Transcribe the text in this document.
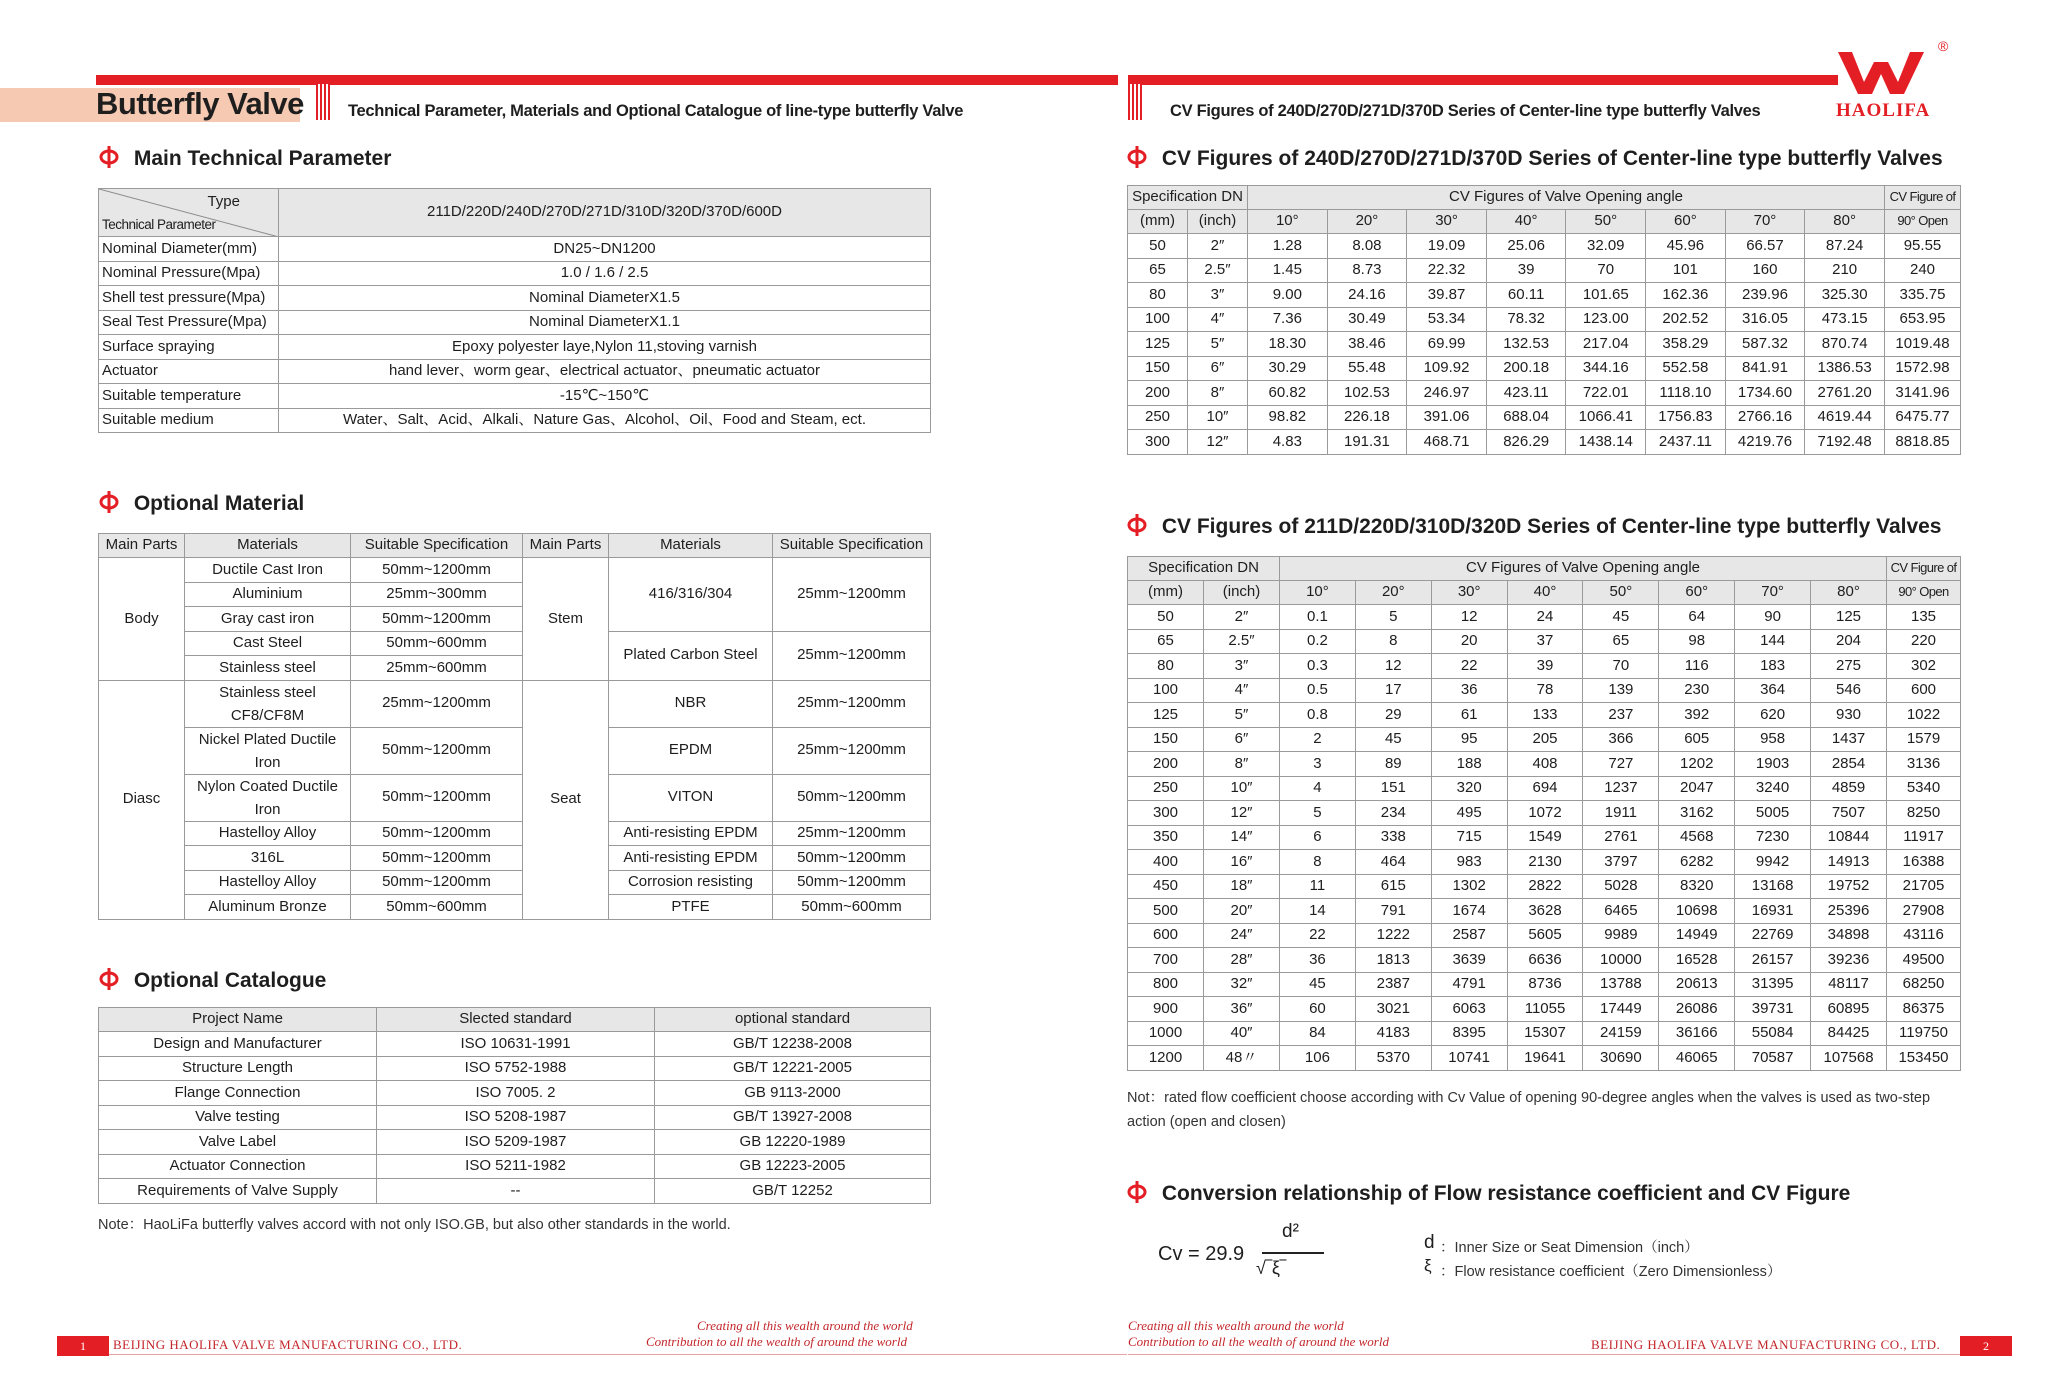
Butterfly Valve	Technical Parameter, Materials and Optional Catalogue of line-type butterfly Valve	CV Figures of 240D/270D/271D/370D Series of Center-line type butterfly Valves
®
HAOLIFA
Main Technical Parameter
Type
Technical Parameter	211D/220D/240D/270D/271D/310D/320D/370D/600D
Nominal Diameter(mm)	DN25~DN1200
Nominal Pressure(Mpa)	1.0 / 1.6 / 2.5
Shell test pressure(Mpa)	Nominal DiameterX1.5
Seal Test Pressure(Mpa)	Nominal DiameterX1.1
Surface spraying	Epoxy polyester laye,Nylon 11,stoving varnish
Actuator	hand lever、worm gear、electrical actuator、pneumatic actuator
Suitable temperature	-15℃~150℃
Suitable medium	Water、Salt、Acid、Alkali、Nature Gas、Alcohol、Oil、Food and Steam, ect.
Optional Material
Main Parts	Materials	Suitable Specification	Main Parts	Materials	Suitable Specification
Body	Ductile Cast Iron	50mm~1200mm	Stem	416/316/304	25mm~1200mm
	Aluminium	25mm~300mm			
	Gray cast iron	50mm~1200mm			
	Cast Steel	50mm~600mm		Plated Carbon Steel	25mm~1200mm
	Stainless steel	25mm~600mm			
Diasc	Stainless steel CF8/CF8M	25mm~1200mm	Seat	NBR	25mm~1200mm
	Nickel Plated Ductile Iron	50mm~1200mm		EPDM	25mm~1200mm
	Nylon Coated Ductile Iron	50mm~1200mm		VITON	50mm~1200mm
	Hastelloy Alloy	50mm~1200mm		Anti-resisting EPDM	25mm~1200mm
	316L	50mm~1200mm		Anti-resisting EPDM	50mm~1200mm
	Hastelloy Alloy	50mm~1200mm		Corrosion resisting	50mm~1200mm
	Aluminum Bronze	50mm~600mm		PTFE	50mm~600mm
Optional Catalogue
Project Name	Slected standard	optional standard
Design and Manufacturer	ISO 10631-1991	GB/T 12238-2008
Structure Length	ISO 5752-1988	GB/T 12221-2005
Flange Connection	ISO 7005. 2	GB 9113-2000
Valve testing	ISO 5208-1987	GB/T 13927-2008
Valve Label	ISO 5209-1987	GB 12220-1989
Actuator Connection	ISO 5211-1982	GB 12223-2005
Requirements of Valve Supply	--	GB/T 12252
Note：HaoLiFa butterfly valves accord with not only ISO.GB, but also other standards in the world.
CV Figures of 240D/270D/271D/370D Series of Center-line type butterfly Valves
Specification DN		CV Figures of Valve Opening angle								CV Figure of
(mm)	(inch)	10°	20°	30°	40°	50°	60°	70°	80°	90° Open
50	2″	1.28	8.08	19.09	25.06	32.09	45.96	66.57	87.24	95.55
65	2.5″	1.45	8.73	22.32	39	70	101	160	210	240
80	3″	9.00	24.16	39.87	60.11	101.65	162.36	239.96	325.30	335.75
100	4″	7.36	30.49	53.34	78.32	123.00	202.52	316.05	473.15	653.95
125	5″	18.30	38.46	69.99	132.53	217.04	358.29	587.32	870.74	1019.48
150	6″	30.29	55.48	109.92	200.18	344.16	552.58	841.91	1386.53	1572.98
200	8″	60.82	102.53	246.97	423.11	722.01	1118.10	1734.60	2761.20	3141.96
250	10″	98.82	226.18	391.06	688.04	1066.41	1756.83	2766.16	4619.44	6475.77
300	12″	4.83	191.31	468.71	826.29	1438.14	2437.11	4219.76	7192.48	8818.85
CV Figures of 211D/220D/310D/320D Series of Center-line type butterfly Valves
Specification DN		CV Figures of Valve Opening angle								CV Figure of
(mm)	(inch)	10°	20°	30°	40°	50°	60°	70°	80°	90° Open
50	2″	0.1	5	12	24	45	64	90	125	135
65	2.5″	0.2	8	20	37	65	98	144	204	220
80	3″	0.3	12	22	39	70	116	183	275	302
100	4″	0.5	17	36	78	139	230	364	546	600
125	5″	0.8	29	61	133	237	392	620	930	1022
150	6″	2	45	95	205	366	605	958	1437	1579
200	8″	3	89	188	408	727	1202	1903	2854	3136
250	10″	4	151	320	694	1237	2047	3240	4859	5340
300	12″	5	234	495	1072	1911	3162	5005	7507	8250
350	14″	6	338	715	1549	2761	4568	7230	10844	11917
400	16″	8	464	983	2130	3797	6282	9942	14913	16388
450	18″	11	615	1302	2822	5028	8320	13168	19752	21705
500	20″	14	791	1674	3628	6465	10698	16931	25396	27908
600	24″	22	1222	2587	5605	9989	14949	22769	34898	43116
700	28″	36	1813	3639	6636	10000	16528	26157	39236	49500
800	32″	45	2387	4791	8736	13788	20613	31395	48117	68250
900	36″	60	3021	6063	11055	17449	26086	39731	60895	86375
1000	40″	84	4183	8395	15307	24159	36166	55084	84425	119750
1200	48〃	106	5370	10741	19641	30690	46065	70587	107568	153450
Not：rated flow coefficient choose according with Cv Value of opening 90-degree angles when the valves is used as two-step action (open and closen)
Conversion relationship of Flow resistance coefficient and CV Figure
Cv = 29.9
d²
√‾ξ‾
d ：Inner Size or Seat Dimension（inch）
ξ ：Flow resistance coefficient（Zero Dimensionless）
1	BEIJING HAOLIFA VALVE MANUFACTURING CO., LTD.
Creating all this wealth around the world
Contribution to all the wealth of around the world
Creating all this wealth around the world
Contribution to all the wealth of around the world	BEIJING HAOLIFA VALVE MANUFACTURING CO., LTD.	2
